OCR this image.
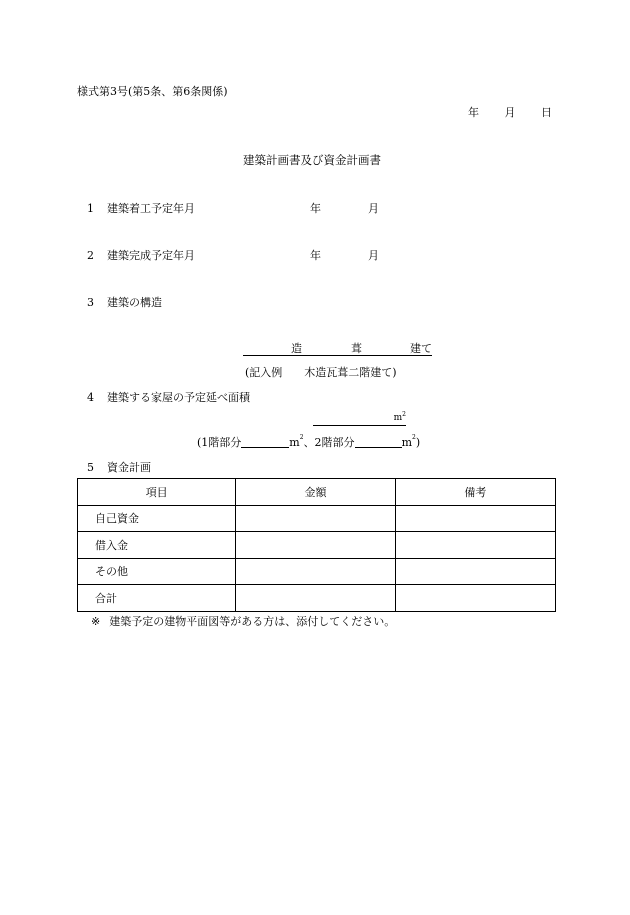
様式第3号(第5条、第6条関係)
年 月 日
建築計画書及び資金計画書
1 建築着工予定年月	年	月
2 建築完成予定年月	年	月
3 建築の構造
造	葺	建て
(記入例　　木造瓦葺二階建て)
4 建築する家屋の予定延べ面積
$m^2$
(1階部分	$m^2$、2階部分	$m^2$)
5 資金計画
項目	金額	備考
自己資金		
借入金		
その他		
合計		
※ 建築予定の建物平面図等がある方は、添付してください。
